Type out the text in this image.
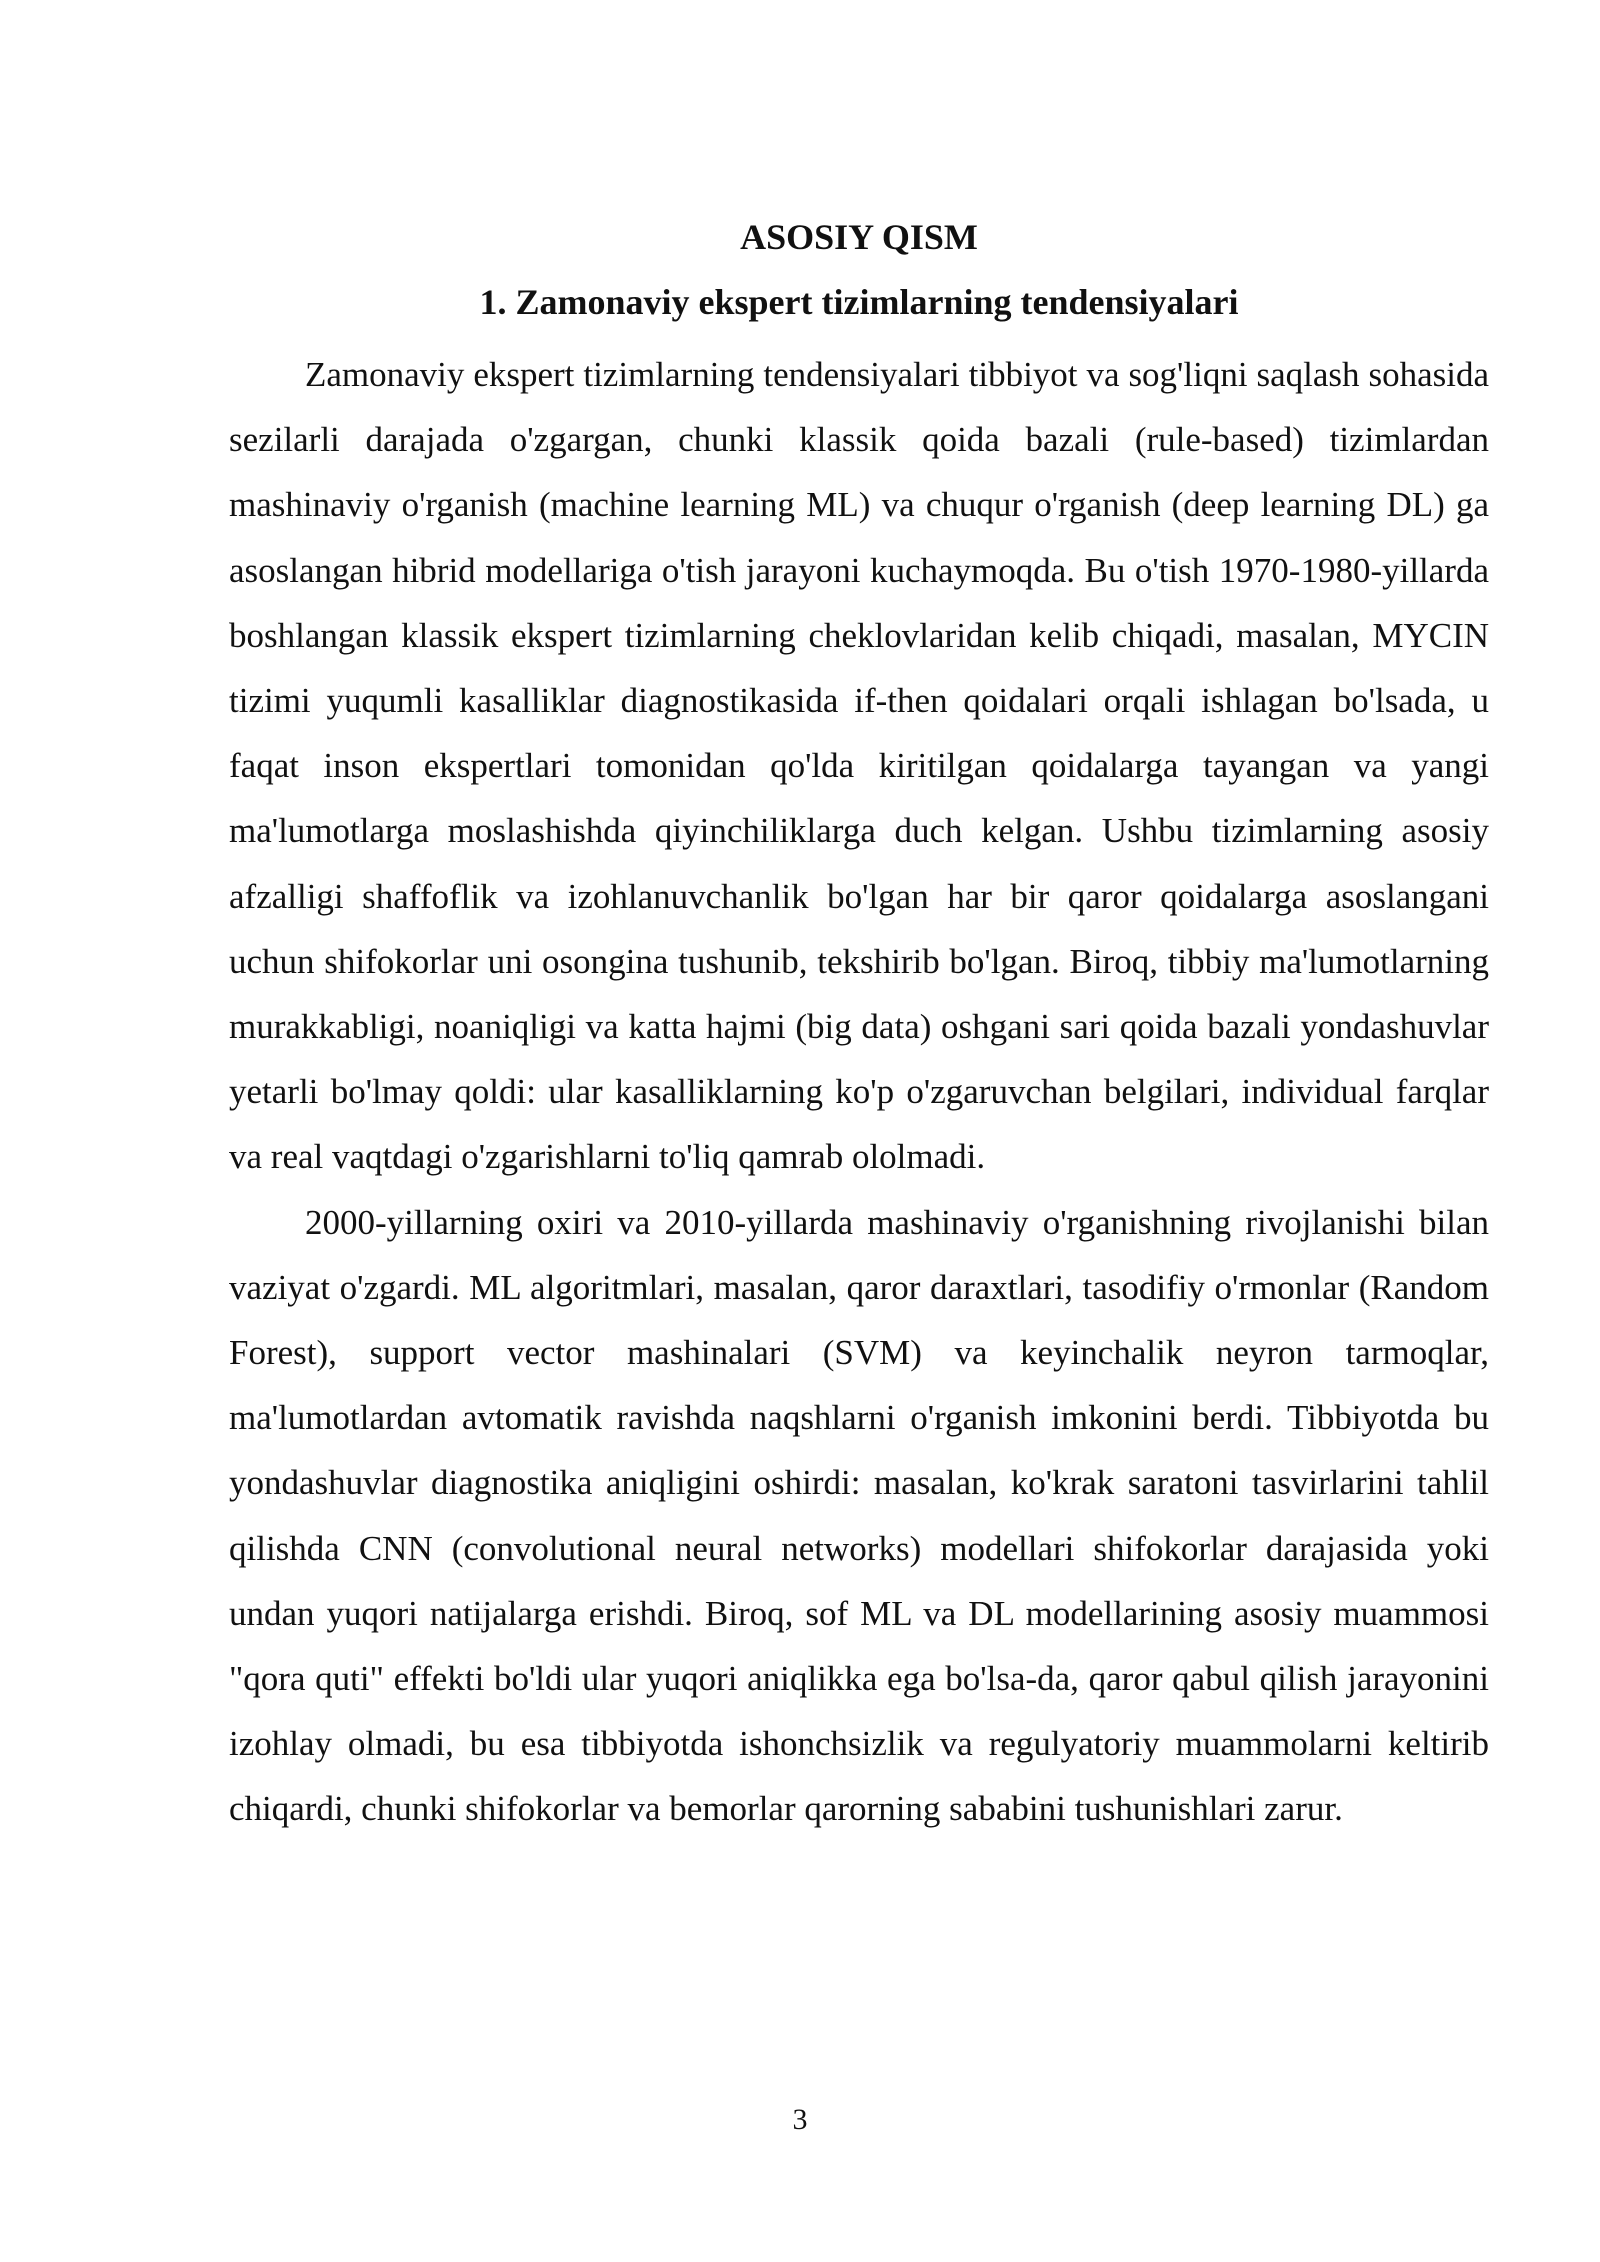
ASOSIY QISM
1. Zamonaviy ekspert tizimlarning tendensiyalari

Zamonaviy ekspert tizimlarning tendensiyalari tibbiyot va sog'liqni saqlash sohasida sezilarli darajada o'zgargan, chunki klassik qoida bazali (rule-based) tizimlardan mashinaviy o'rganish (machine learning ML) va chuqur o'rganish (deep learning DL) ga asoslangan hibrid modellariga o'tish jarayoni kuchaymoqda. Bu o'tish 1970-1980-yillarda boshlangan klassik ekspert tizimlarning cheklovlaridan kelib chiqadi, masalan, MYCIN tizimi yuqumli kasalliklar diagnostikasida if-then qoidalari orqali ishlagan bo'lsada, u faqat inson ekspertlari tomonidan qo'lda kiritilgan qoidalarga tayangan va yangi ma'lumotlarga moslashishda qiyinchiliklarga duch kelgan. Ushbu tizimlarning asosiy afzalligi shaffoflik va izohlanuvchanlik bo'lgan har bir qaror qoidalarga asoslangani uchun shifokorlar uni osongina tushunib, tekshirib bo'lgan. Biroq, tibbiy ma'lumotlarning murakkabligi, noaniqligi va katta hajmi (big data) oshgani sari qoida bazali yondashuvlar yetarli bo'lmay qoldi: ular kasalliklarning ko'p o'zgaruvchan belgilari, individual farqlar va real vaqtdagi o'zgarishlarni to'liq qamrab ololmadi.

2000-yillarning oxiri va 2010-yillarda mashinaviy o'rganishning rivojlanishi bilan vaziyat o'zgardi. ML algoritmlari, masalan, qaror daraxtlari, tasodifiy o'rmonlar (Random Forest), support vector mashinalari (SVM) va keyinchalik neyron tarmoqlar, ma'lumotlardan avtomatik ravishda naqshlarni o'rganish imkonini berdi. Tibbiyotda bu yondashuvlar diagnostika aniqligini oshirdi: masalan, ko'krak saratoni tasvirlarini tahlil qilishda CNN (convolutional neural networks) modellari shifokorlar darajasida yoki undan yuqori natijalarga erishdi. Biroq, sof ML va DL modellarining asosiy muammosi "qora quti" effekti bo'ldi ular yuqori aniqlikka ega bo'lsa-da, qaror qabul qilish jarayonini izohlay olmadi, bu esa tibbiyotda ishonchsizlik va regulyatoriy muammolarni keltirib chiqardi, chunki shifokorlar va bemorlar qarorning sababini tushunishlari zarur.

3
